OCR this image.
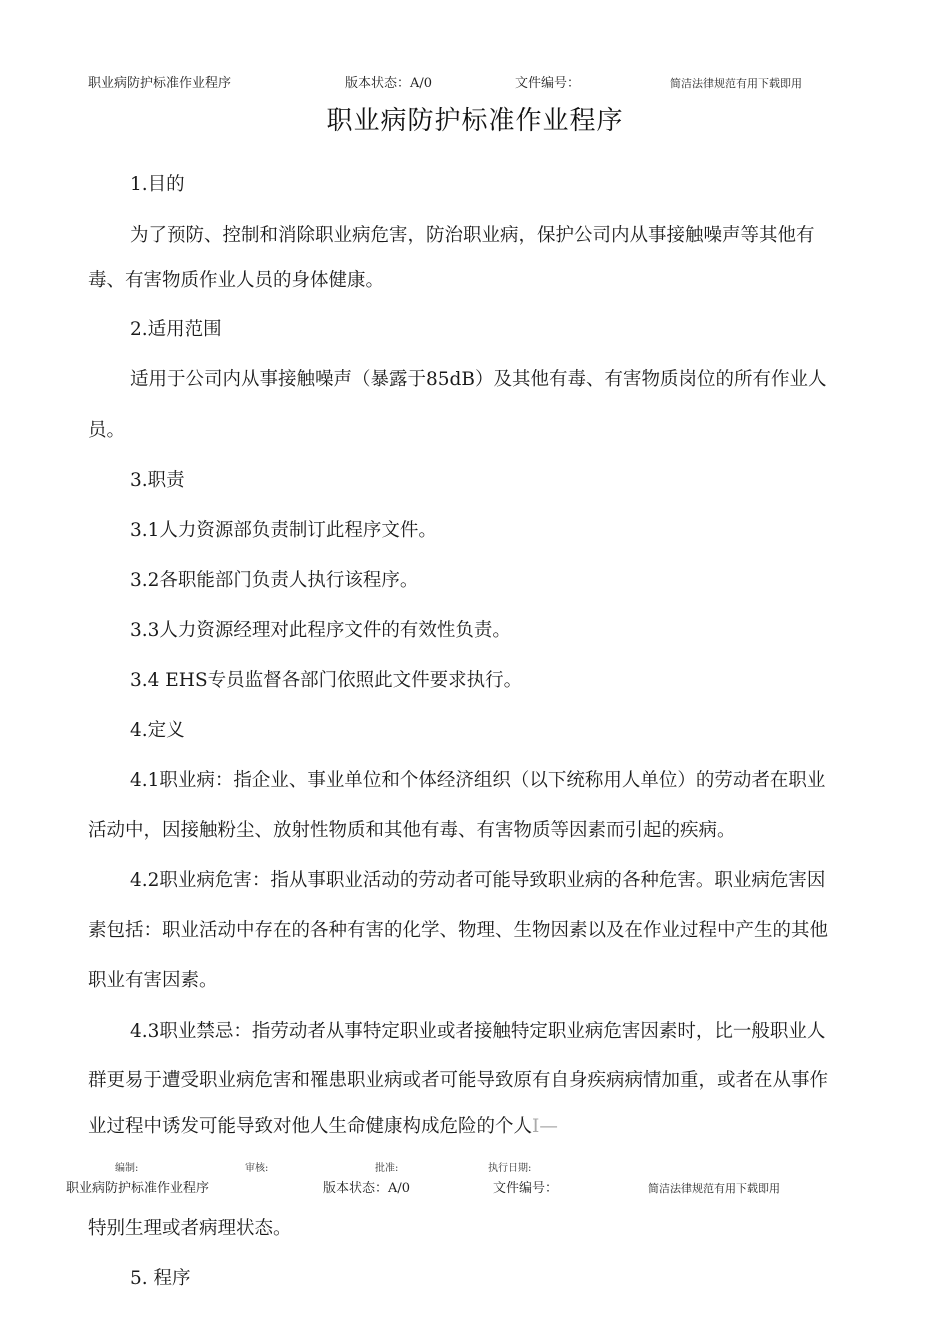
职业病防护标准作业程序	版本状态：A/0	文件编号：	简洁法律规范有用下载即用
职业病防护标准作业程序
1.目的
为了预防、控制和消除职业病危害，防治职业病，保护公司内从事接触噪声等其他有
毒、有害物质作业人员的身体健康。
2.适用范围
适用于公司内从事接触噪声（暴露于85dB）及其他有毒、有害物质岗位的所有作业人
员。
3.职责
3.1人力资源部负责制订此程序文件。
3.2各职能部门负责人执行该程序。
3.3人力资源经理对此程序文件的有效性负责。
3.4 EHS专员监督各部门依照此文件要求执行。
4.定义
4.1职业病：指企业、事业单位和个体经济组织（以下统称用人单位）的劳动者在职业
活动中，因接触粉尘、放射性物质和其他有毒、有害物质等因素而引起的疾病。
4.2职业病危害：指从事职业活动的劳动者可能导致职业病的各种危害。职业病危害因
素包括：职业活动中存在的各种有害的化学、物理、生物因素以及在作业过程中产生的其他
职业有害因素。
4.3职业禁忌：指劳动者从事特定职业或者接触特定职业病危害因素时，比一般职业人
群更易于遭受职业病危害和罹患职业病或者可能导致原有自身疾病病情加重，或者在从事作
业过程中诱发可能导致对他人生命健康构成危险的个人I—
编制:	审核:	批准:	执行日期:
职业病防护标准作业程序	版本状态：A/0	文件编号：	简洁法律规范有用下载即用
特别生理或者病理状态。
5. 程序
